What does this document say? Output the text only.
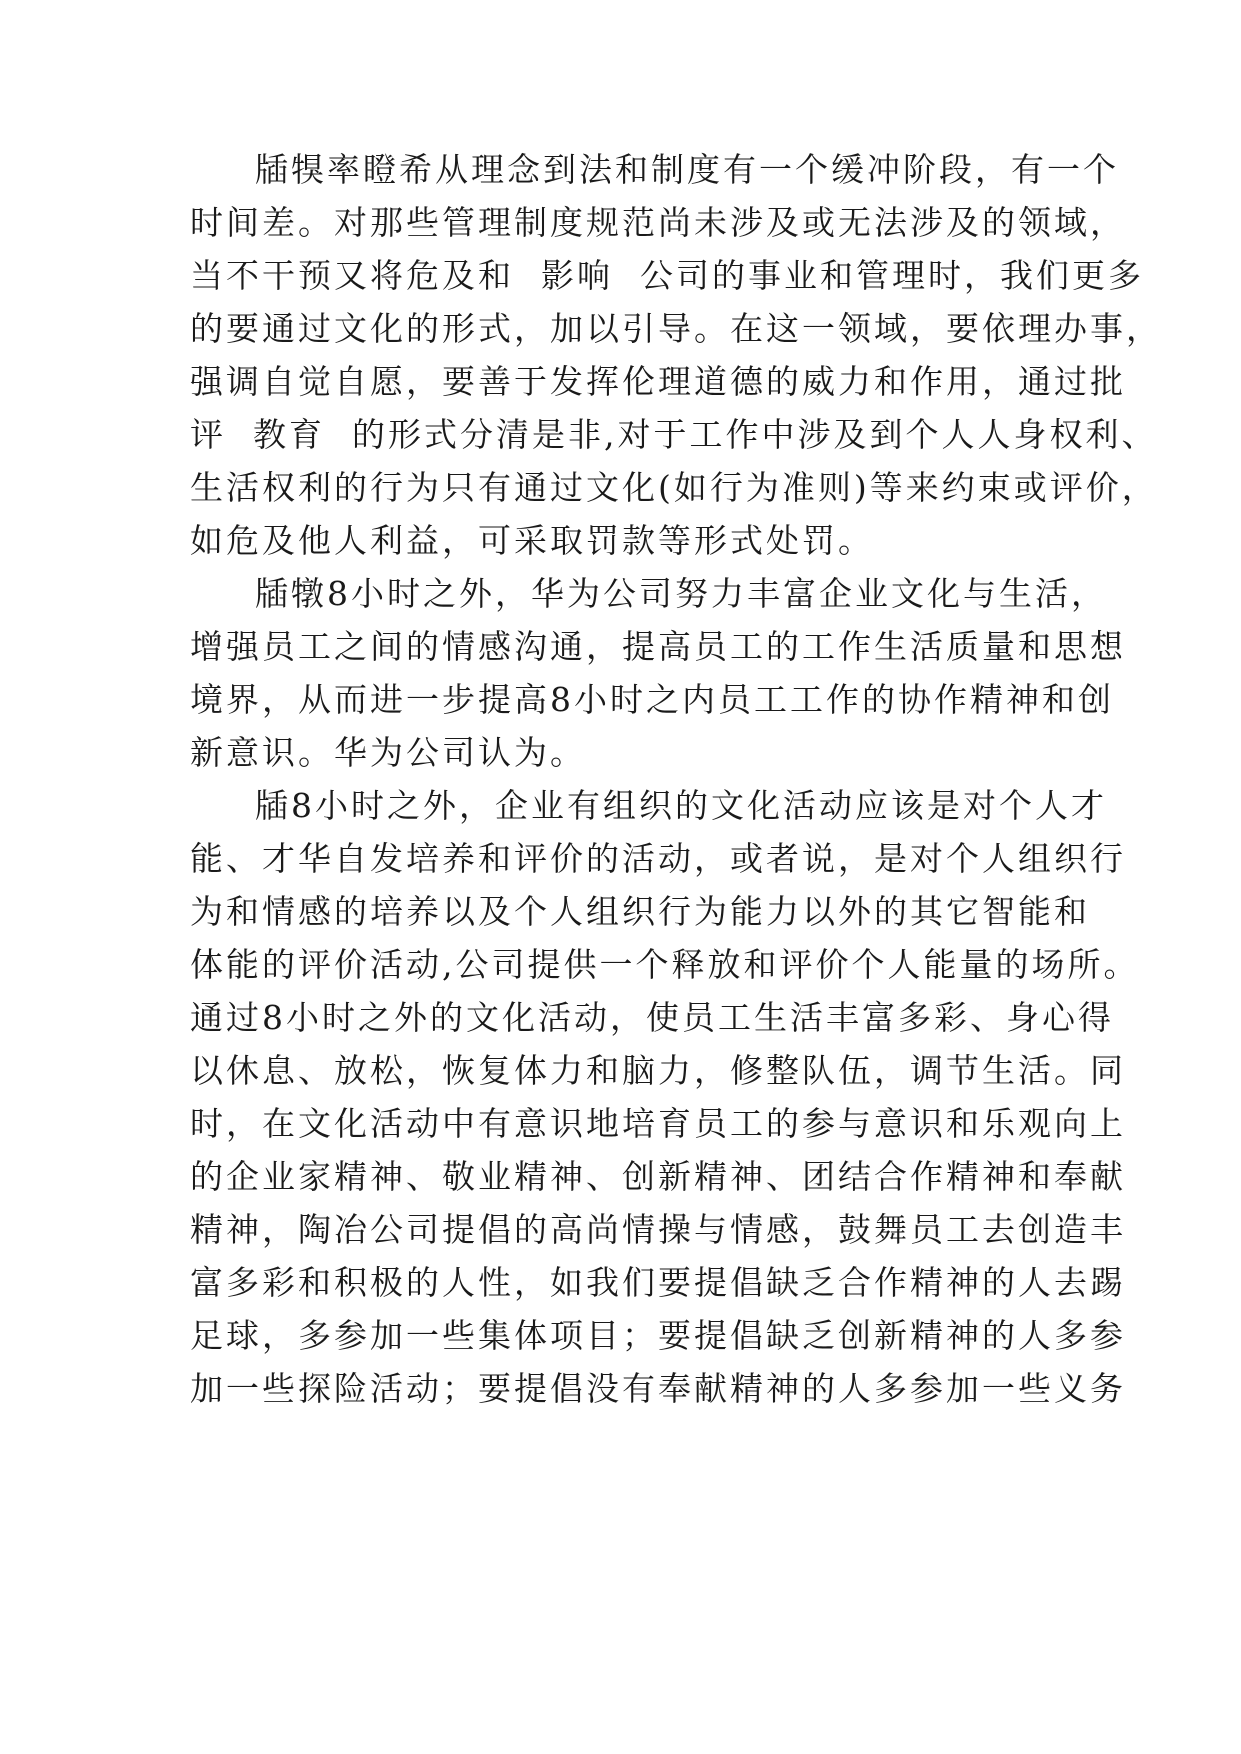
牐犑率瞪希从理念到法和制度有一个缓冲阶段，有一个

时间差。对那些管理制度规范尚未涉及或无法涉及的领域，

当不干预又将危及和  影响  公司的事业和管理时，我们更多

的要通过文化的形式，加以引导。在这一领域，要依理办事，

强调自觉自愿，要善于发挥伦理道德的威力和作用，通过批

评  教育  的形式分清是非,对于工作中涉及到个人人身权利、

生活权利的行为只有通过文化(如行为准则)等来约束或评价，

如危及他人利益，可采取罚款等形式处罚。

牐犜8小时之外，华为公司努力丰富企业文化与生活，

增强员工之间的情感沟通，提高员工的工作生活质量和思想

境界，从而进一步提高8小时之内员工工作的协作精神和创

新意识。华为公司认为。

牐8小时之外，企业有组织的文化活动应该是对个人才

能、才华自发培养和评价的活动，或者说，是对个人组织行

为和情感的培养以及个人组织行为能力以外的其它智能和

体能的评价活动,公司提供一个释放和评价个人能量的场所。

通过8小时之外的文化活动，使员工生活丰富多彩、身心得

以休息、放松，恢复体力和脑力，修整队伍，调节生活。同

时，在文化活动中有意识地培育员工的参与意识和乐观向上

的企业家精神、敬业精神、创新精神、团结合作精神和奉献

精神，陶冶公司提倡的高尚情操与情感，鼓舞员工去创造丰

富多彩和积极的人性，如我们要提倡缺乏合作精神的人去踢

足球，多参加一些集体项目；要提倡缺乏创新精神的人多参

加一些探险活动；要提倡没有奉献精神的人多参加一些义务
